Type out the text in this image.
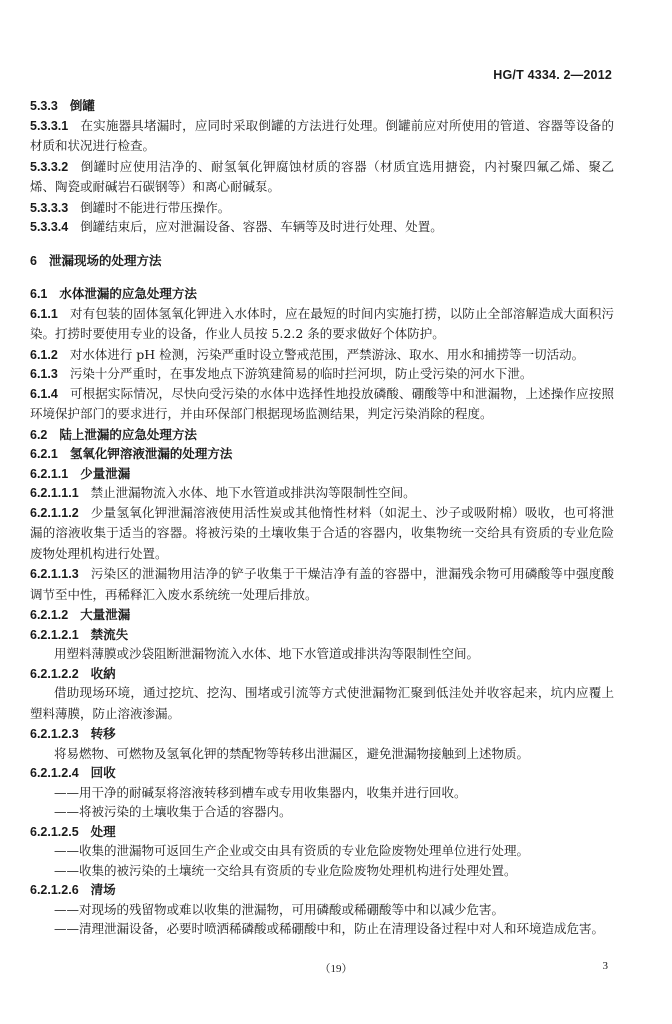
HG/T 4334. 2—2012
5.3.3 倒罐
5.3.3.1 在实施器具堵漏时，应同时采取倒罐的方法进行处理。倒罐前应对所使用的管道、容器等设备的材质和状况进行检查。
5.3.3.2 倒罐时应使用洁净的、耐氢氧化钾腐蚀材质的容器（材质宜选用搪瓷，内衬聚四氟乙烯、聚乙烯、陶瓷或耐碱岩石碳钢等）和离心耐碱泵。
5.3.3.3 倒罐时不能进行带压操作。
5.3.3.4 倒罐结束后，应对泄漏设备、容器、车辆等及时进行处理、处置。
6 泄漏现场的处理方法
6.1 水体泄漏的应急处理方法
6.1.1 对有包装的固体氢氧化钾进入水体时，应在最短的时间内实施打捞，以防止全部溶解造成大面积污染。打捞时要使用专业的设备，作业人员按 5.2.2 条的要求做好个体防护。
6.1.2 对水体进行 pH 检测，污染严重时设立警戒范围，严禁游泳、取水、用水和捕捞等一切活动。
6.1.3 污染十分严重时，在事发地点下游筑建简易的临时拦河坝，防止受污染的河水下泄。
6.1.4 可根据实际情况，尽快向受污染的水体中选择性地投放磷酸、硼酸等中和泄漏物，上述操作应按照环境保护部门的要求进行，并由环保部门根据现场监测结果，判定污染消除的程度。
6.2 陆上泄漏的应急处理方法
6.2.1 氢氧化钾溶液泄漏的处理方法
6.2.1.1 少量泄漏
6.2.1.1.1 禁止泄漏物流入水体、地下水管道或排洪沟等限制性空间。
6.2.1.1.2 少量氢氧化钾泄漏溶液使用活性炭或其他惰性材料（如泥土、沙子或吸附棉）吸收，也可将泄漏的溶液收集于适当的容器。将被污染的土壤收集于合适的容器内，收集物统一交给具有资质的专业危险废物处理机构进行处置。
6.2.1.1.3 污染区的泄漏物用洁净的铲子收集于干燥洁净有盖的容器中，泄漏残余物可用磷酸等中强度酸调节至中性，再稀释汇入废水系统统一处理后排放。
6.2.1.2 大量泄漏
6.2.1.2.1 禁流失
用塑料薄膜或沙袋阻断泄漏物流入水体、地下水管道或排洪沟等限制性空间。
6.2.1.2.2 收納
借助现场环境，通过挖坑、挖沟、围堵或引流等方式使泄漏物汇聚到低洼处并收容起来，坑内应覆上塑料薄膜，防止溶液渗漏。
6.2.1.2.3 转移
将易燃物、可燃物及氢氧化钾的禁配物等转移出泄漏区，避免泄漏物接触到上述物质。
6.2.1.2.4 回收
——用干净的耐碱泵将溶液转移到槽车或专用收集器内，收集并进行回收。
——将被污染的土壤收集于合适的容器内。
6.2.1.2.5 处理
——收集的泄漏物可返回生产企业或交由具有资质的专业危险废物处理单位进行处理。
——收集的被污染的土壤统一交给具有资质的专业危险废物处理机构进行处理处置。
6.2.1.2.6 清场
——对现场的残留物或难以收集的泄漏物，可用磷酸或稀硼酸等中和以减少危害。
——清理泄漏设备，必要时喷洒稀磷酸或稀硼酸中和，防止在清理设备过程中对人和环境造成危害。
（19）	3
